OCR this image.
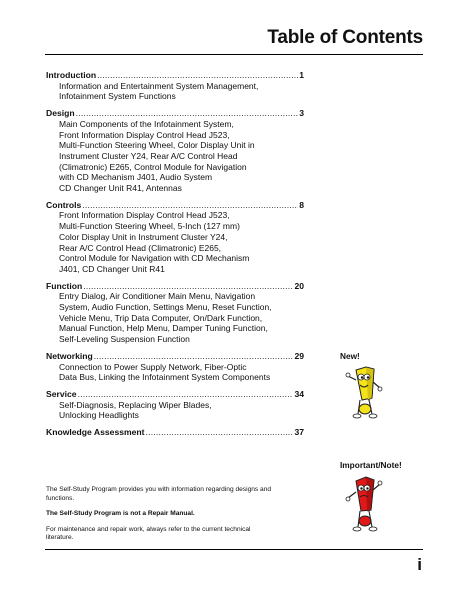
Table of Contents
Introduction .....	1
Information and Entertainment System Management,
Infotainment System Functions
Design .....	3
Main Components of the Infotainment System,
Front Information Display Control Head J523,
Multi-Function Steering Wheel, Color Display Unit in
Instrument Cluster Y24, Rear A/C Control Head
(Climatronic) E265, Control Module for Navigation
with CD Mechanism J401, Audio System
CD Changer Unit R41, Antennas
Controls .....	8
Front Information Display Control Head J523,
Multi-Function Steering Wheel, 5-Inch (127 mm)
Color Display Unit in Instrument Cluster Y24,
Rear A/C Control Head (Climatronic) E265,
Control Module for Navigation with CD Mechanism
J401, CD Changer Unit R41
Function .....	20
Entry Dialog, Air Conditioner Main Menu, Navigation
System, Audio Function, Settings Menu, Reset Function,
Vehicle Menu, Trip Data Computer, On/Dark Function,
Manual Function, Help Menu, Damper Tuning Function,
Self-Leveling Suspension Function
Networking .....	29
Connection to Power Supply Network, Fiber-Optic
Data Bus, Linking the Infotainment System Components
Service .....	34
Self-Diagnosis, Replacing Wiper Blades,
Unlocking Headlights
Knowledge Assessment .....	37
New!
Important/Note!

The Self-Study Program provides you with information regarding designs and functions.

The Self-Study Program is not a Repair Manual.

For maintenance and repair work, always refer to the current technical literature.

i
